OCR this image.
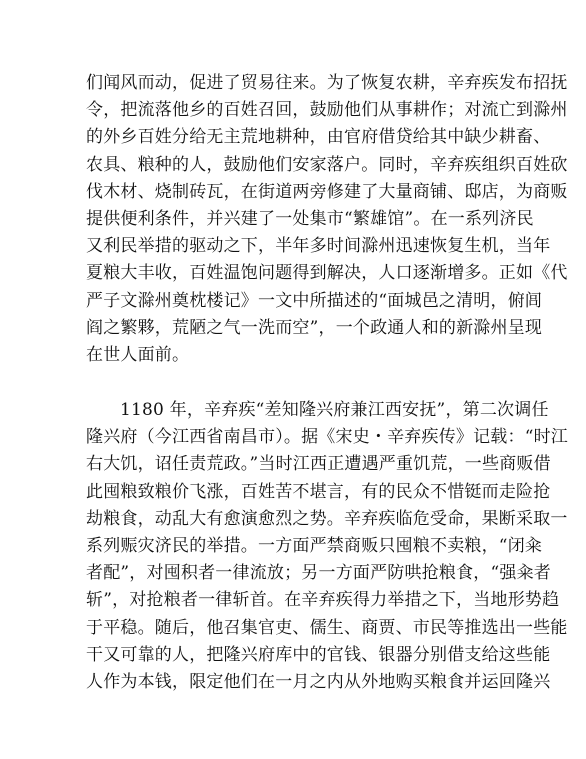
们闻风而动，促进了贸易往来。为了恢复农耕，辛弃疾发布招抚
令，把流落他乡的百姓召回，鼓励他们从事耕作；对流亡到滁州
的外乡百姓分给无主荒地耕种，由官府借贷给其中缺少耕畜、
农具、粮种的人，鼓励他们安家落户。同时，辛弃疾组织百姓砍
伐木材、烧制砖瓦，在街道两旁修建了大量商铺、邸店，为商贩
提供便利条件，并兴建了一处集市“繁雄馆”。在一系列济民
又利民举措的驱动之下，半年多时间滁州迅速恢复生机，当年
夏粮大丰收，百姓温饱问题得到解决，人口逐渐增多。正如《代
严子文滁州奠枕楼记》一文中所描述的“面城邑之清明，俯闾
阎之繁夥，荒陋之气一洗而空”，一个政通人和的新滁州呈现
在世人面前。
1180 年，辛弃疾“差知隆兴府兼江西安抚”，第二次调任
隆兴府（今江西省南昌市）。据《宋史・辛弃疾传》记载：“时江
右大饥，诏任责荒政。”当时江西正遭遇严重饥荒，一些商贩借
此囤粮致粮价飞涨，百姓苦不堪言，有的民众不惜铤而走险抢
劫粮食，动乱大有愈演愈烈之势。辛弃疾临危受命，果断采取一
系列赈灾济民的举措。一方面严禁商贩只囤粮不卖粮，“闭籴
者配”，对囤积者一律流放；另一方面严防哄抢粮食，“强籴者
斩”，对抢粮者一律斩首。在辛弃疾得力举措之下，当地形势趋
于平稳。随后，他召集官吏、儒生、商贾、市民等推选出一些能
干又可靠的人，把隆兴府库中的官钱、银器分别借支给这些能
人作为本钱，限定他们在一月之内从外地购买粮食并运回隆兴
